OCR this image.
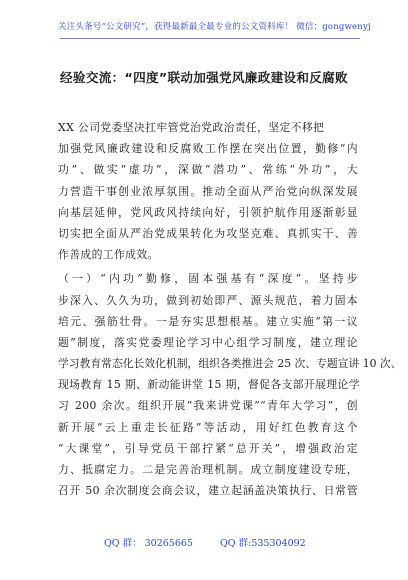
关注头条号“公文研究”，获得最新最全最专业的公文资料库！ 微信：gongwenyj
经验交流：“四度”联动加强党风廉政建设和反腐败
XX 公司党委坚决扛牢管党治党政治责任，坚定不移把
加强党风廉政建设和反腐败工作摆在突出位置，勤修“内
功”、做实“虚功”，深做“潜功”、常练“外功”，大
力营造干事创业浓厚氛围。推动全面从严治党向纵深发展
向基层延伸，党风政风持续向好，引领护航作用逐渐彰显
切实把全面从严治党成果转化为攻坚克难、真抓实干、善
作善成的工作成效。
（一）“内功”勤修，固本强基有“深度”。坚持步
步深入、久久为功，做到初始即严、源头规范，着力固本
培元、强筋壮骨。一是夯实思想根基。建立实施“第一议
题”制度，落实党委理论学习中心组学习制度，建立理论
学习教育常态化长效化机制，组织各类推进会 25 次、专题宣讲 10 次、
现场教育 15 期、新动能讲堂 15 期，督促各支部开展理论学
习 200 余次。组织开展“我来讲党课”“青年大学习”，创
新开展“云上重走长征路”等活动，用好红色教育这个
“大课堂”，引导党员干部拧紧“总开关”，增强政治定
力、抵腐定力。二是完善治理机制。成立制度建设专班，
召开 50 余次制度会商会议，建立起涵盖决策执行、日常管
QQ 群： 30265665	QQ 群:535304092
